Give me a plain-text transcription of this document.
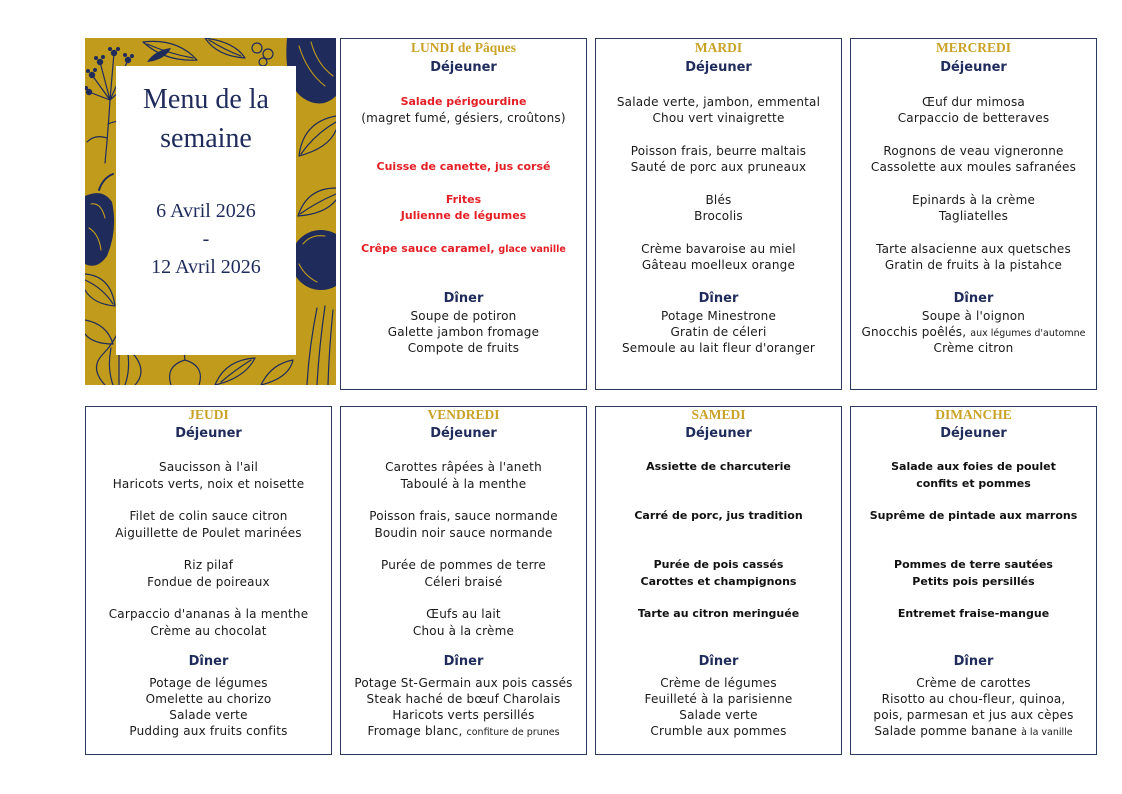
Menu de la
semaine
6 Avril 2026
-
12 Avril 2026
LUNDI de Pâques
Déjeuner
Salade périgourdine
(magret fumé, gésiers, croûtons)
Cuisse de canette, jus corsé
Frites
Julienne de légumes
Crêpe sauce caramel, glace vanille
Dîner
Soupe de potiron
Galette jambon fromage
Compote de fruits
MARDI
Déjeuner
Salade verte, jambon, emmental
Chou vert vinaigrette
Poisson frais, beurre maltais
Sauté de porc aux pruneaux
Blés
Brocolis
Crème bavaroise au miel
Gâteau moelleux orange
Dîner
Potage Minestrone
Gratin de céleri
Semoule au lait fleur d'oranger
MERCREDI
Déjeuner
Œuf dur mimosa
Carpaccio de betteraves
Rognons de veau vigneronne
Cassolette aux moules safranées
Epinards à la crème
Tagliatelles
Tarte alsacienne aux quetsches
Gratin de fruits à la pistahce
Dîner
Soupe à l'oignon
Gnocchis poêlés, aux légumes d'automne
Crème citron
JEUDI
Déjeuner
Saucisson à l'ail
Haricots verts, noix et noisette
Filet de colin sauce citron
Aiguillette de Poulet marinées
Riz pilaf
Fondue de poireaux
Carpaccio d'ananas à la menthe
Crème au chocolat
Dîner
Potage de légumes
Omelette au chorizo
Salade verte
Pudding aux fruits confits
VENDREDI
Déjeuner
Carottes râpées à l'aneth
Taboulé à la menthe
Poisson frais, sauce normande
Boudin noir sauce normande
Purée de pommes de terre
Céleri braisé
Œufs au lait
Chou à la crème
Dîner
Potage St-Germain aux pois cassés
Steak haché de bœuf Charolais
Haricots verts persillés
Fromage blanc, confiture de prunes
SAMEDI
Déjeuner
Assiette de charcuterie
Carré de porc, jus tradition
Purée de pois cassés
Carottes et champignons
Tarte au citron meringuée
Dîner
Crème de légumes
Feuilleté à la parisienne
Salade verte
Crumble aux pommes
DIMANCHE
Déjeuner
Salade aux foies de poulet
confits et pommes
Suprême de pintade aux marrons
Pommes de terre sautées
Petits pois persillés
Entremet fraise-mangue
Dîner
Crème de carottes
Risotto au chou-fleur, quinoa,
pois, parmesan et jus aux cèpes
Salade pomme banane à la vanille
